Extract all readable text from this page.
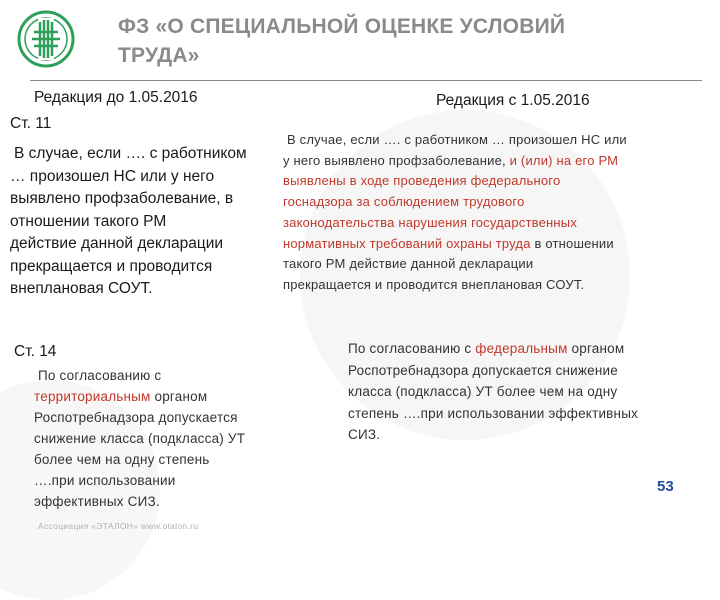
ФЗ «О СПЕЦИАЛЬНОЙ ОЦЕНКЕ УСЛОВИЙ
ТРУДА»
Редакция до 1.05.2016
Ст. 11
В случае, если …. с работником
… произошел НС или у него
выявлено профзаболевание, в
отношении такого РМ
действие данной декларации
прекращается и проводится
внеплановая СОУТ.
Ст. 14
По согласованию с
территориальным органом
Роспотребнадзора допускается
снижение класса (подкласса) УТ
более чем на одну степень
….при использовании
эффективных СИЗ.
Редакция с 1.05.2016
В случае, если …. с работником … произошел НС или
у него выявлено профзаболевание, и (или) на его РМ
выявлены в ходе проведения федерального
госнадзора за соблюдением трудового
законодательства нарушения государственных
нормативных требований охраны труда в отношении
такого РМ действие данной декларации
прекращается и проводится внеплановая СОУТ.
По согласованию с федеральным органом
Роспотребнадзора допускается снижение
класса (подкласса) УТ более чем на одну
степень ….при использовании эффективных
СИЗ.
Ассоциация «ЭТАЛОН» www.otalon.ru
53
